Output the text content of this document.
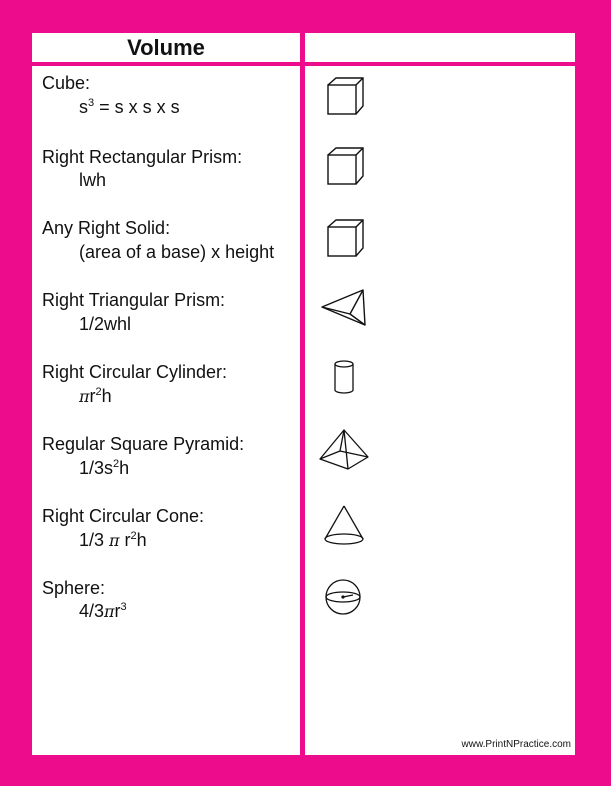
Volume
Cube:
$s^3 = s$ x s x s
Right Rectangular Prism:
lwh
Any Right Solid:
(area of a base) x height
Right Triangular Prism:
1/2whl
Right Circular Cylinder:
$\pi r^2h$
Regular Square Pyramid:
$1/3s^2h$
Right Circular Cone:
1/3 π $r^2h$
Sphere:
$4/3\pi r^3$
www.PrintNPractice.com
